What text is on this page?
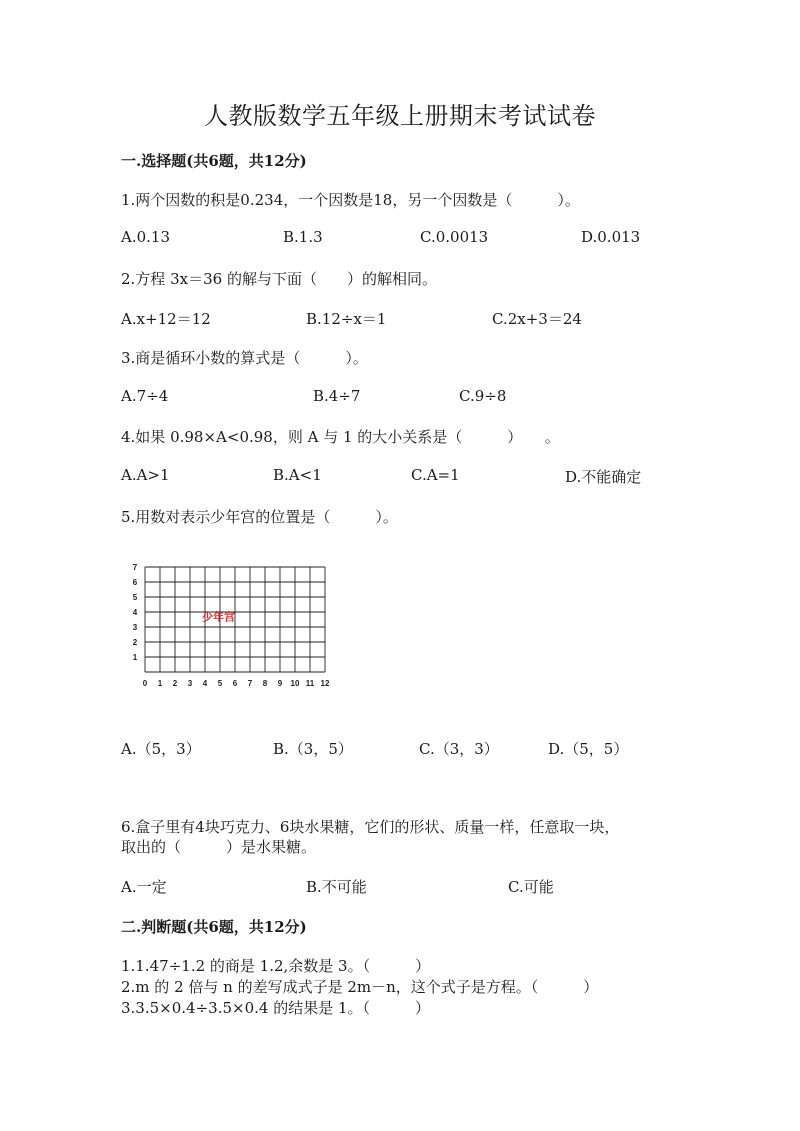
人教版数学五年级上册期末考试试卷
一.选择题(共6题，共12分)
1.两个因数的积是0.234，一个因数是18，另一个因数是（　　　）。
A.0.13	B.1.3	C.0.0013	D.0.013
2.方程 3x＝36 的解与下面（　　）的解相同。
A.x+12＝12	B.12÷x＝1	C.2x+3＝24
3.商是循环小数的算式是（　　　）。
A.7÷4	B.4÷7	C.9÷8
4.如果 0.98×A<0.98，则 A 与 1 的大小关系是（　　　）　　。
A.A>1	B.A<1	C.A=1	D.不能确定
5.用数对表示少年宫的位置是（　　　）。
0 1 2 3 4 5 6 7 8 9 10 11 12
1
2
3
4
5
6
7
少年宫
A.（5，3）	B.（3，5）	C.（3，3）	D.（5，5）
6.盒子里有4块巧克力、6块水果糖，它们的形状、质量一样，任意取一块，
取出的（　　　）是水果糖。
A.一定	B.不可能	C.可能
二.判断题(共6题，共12分)
1.1.47÷1.2 的商是 1.2,余数是 3。（　　　）
2.m 的 2 倍与 n 的差写成式子是 2m－n，这个式子是方程。（　　　）
3.3.5×0.4÷3.5×0.4 的结果是 1。（　　　）
